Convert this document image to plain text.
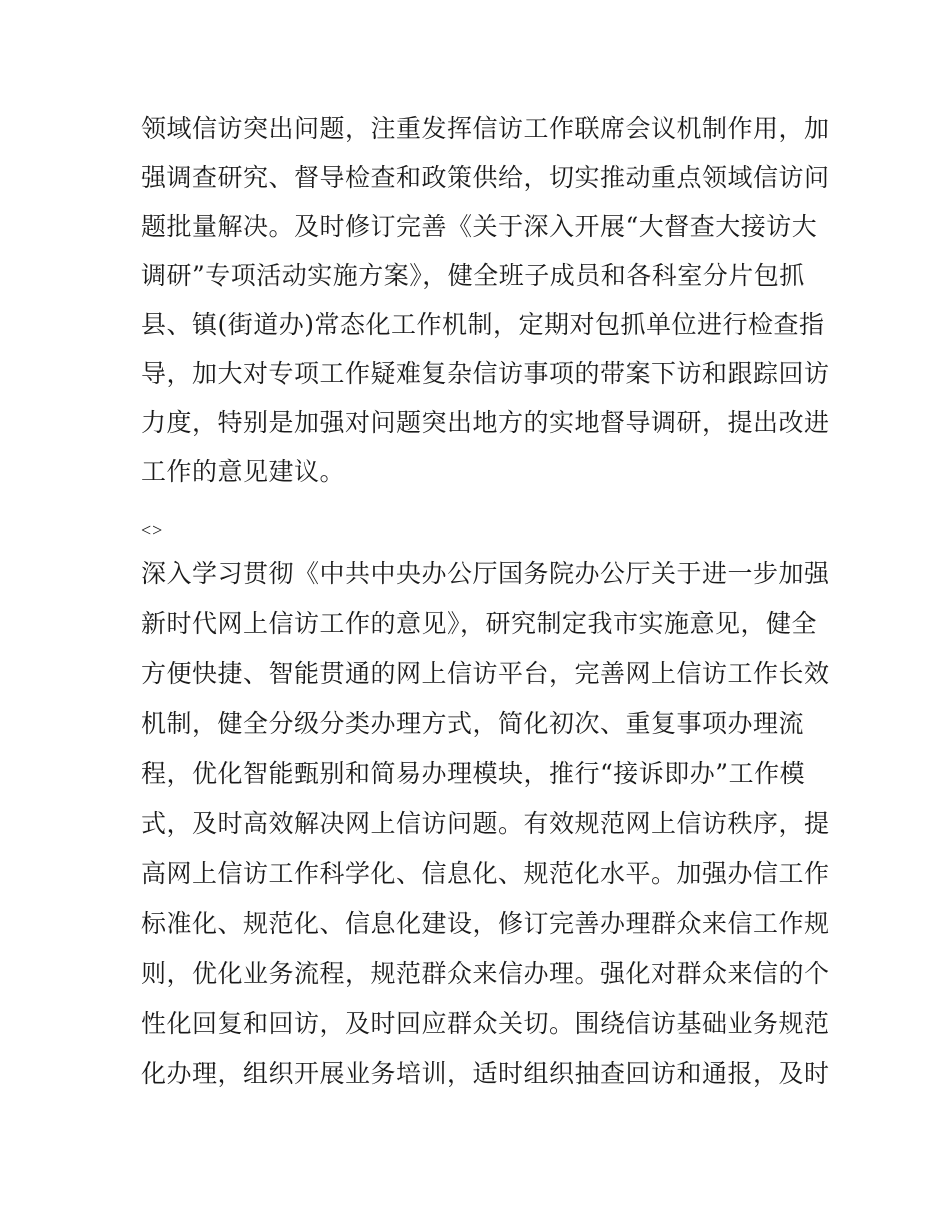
领域信访突出问题，注重发挥信访工作联席会议机制作用，加
强调查研究、督导检查和政策供给，切实推动重点领域信访问
题批量解决。及时修订完善《关于深入开展“大督查大接访大
调研”专项活动实施方案》，健全班子成员和各科室分片包抓
县、镇(街道办)常态化工作机制，定期对包抓单位进行检查指
导，加大对专项工作疑难复杂信访事项的带案下访和跟踪回访
力度，特别是加强对问题突出地方的实地督导调研，提出改进
工作的意见建议。
<>
深入学习贯彻《中共中央办公厅国务院办公厅关于进一步加强
新时代网上信访工作的意见》，研究制定我市实施意见，健全
方便快捷、智能贯通的网上信访平台，完善网上信访工作长效
机制，健全分级分类办理方式，简化初次、重复事项办理流
程，优化智能甄别和简易办理模块，推行“接诉即办”工作模
式，及时高效解决网上信访问题。有效规范网上信访秩序，提
高网上信访工作科学化、信息化、规范化水平。加强办信工作
标准化、规范化、信息化建设，修订完善办理群众来信工作规
则，优化业务流程，规范群众来信办理。强化对群众来信的个
性化回复和回访，及时回应群众关切。围绕信访基础业务规范
化办理，组织开展业务培训，适时组织抽查回访和通报，及时
